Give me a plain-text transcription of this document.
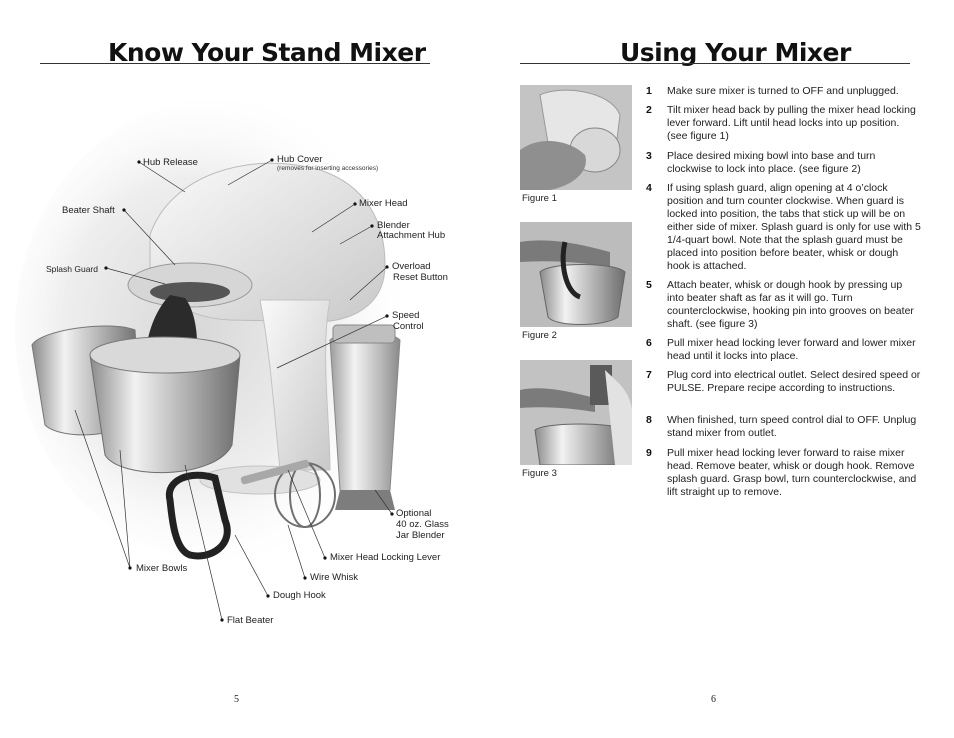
Know Your Stand Mixer
Hub Release	Hub Cover
(removes for inserting accessories)
Beater Shaft
Mixer Head
Blender
Attachment Hub
Splash Guard	Overload
Reset Button
Speed
Control
Optional
40 oz. Glass
Jar Blender
Mixer Head Locking Lever
Mixer Bowls
Wire Whisk
Dough Hook
Flat Beater
5
Using Your Mixer
Figure 1
Figure 2
Figure 3
1 Make sure mixer is turned to OFF and unplugged.
2 Tilt mixer head back by pulling the mixer head locking lever forward. Lift until head locks into up position. (see figure 1)
3 Place desired mixing bowl into base and turn clockwise to lock into place. (see figure 2)
4 If using splash guard, align opening at 4 o’clock position and turn counter clockwise. When guard is locked into position, the tabs that stick up will be on either side of mixer. Splash guard is only for use with 5 1/4-quart bowl. Note that the splash guard must be placed into position before beater, whisk or dough hook is attached.
5 Attach beater, whisk or dough hook by pressing up into beater shaft as far as it will go. Turn counterclockwise, hooking pin into grooves on beater shaft. (see figure 3)
6 Pull mixer head locking lever forward and lower mixer head until it locks into place.
7 Plug cord into electrical outlet. Select desired speed or PULSE. Prepare recipe according to instructions.
8 When finished, turn speed control dial to OFF. Unplug stand mixer from outlet.
9 Pull mixer head locking lever forward to raise mixer head. Remove beater, whisk or dough hook. Remove splash guard. Grasp bowl, turn counterclockwise, and lift straight up to remove.
6
